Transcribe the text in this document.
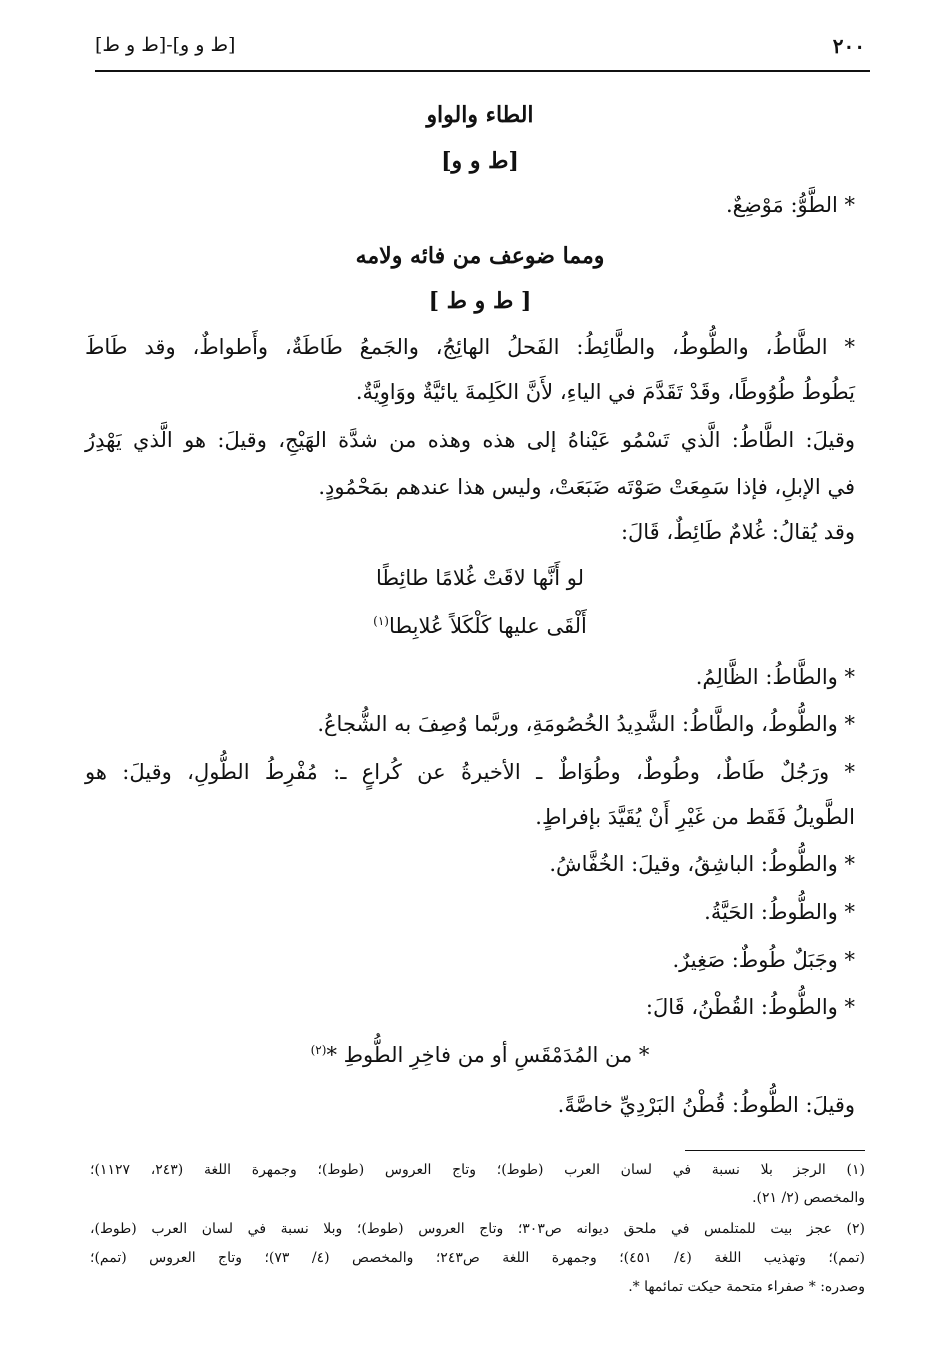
٢٠٠
[ط و و]-[ط و ط]
الطاء والواو
[ط و و]
* الطَّوُّ: مَوْضِعٌ.
ومما ضوعف من فائه ولامه
[ ط و ط ]
* الطَّاطُ، والطُّوطُ، والطَّائِطُ: الفَحلُ الهائِجُ، والجَمعُ طَاطَةٌ، وأَطواطٌ، وقد طَاطَ
يَطُوطُ طُوُوطًا، وقَدْ تَقَدَّمَ في الياءِ، لأَنَّ الكَلِمةَ يائيَّةٌ ووَاوِيَّةٌ.
وقيلَ: الطَّاطُ: الَّذي تَسْمُو عَيْناهُ إلى هذه وهذه من شدَّة الهَيْجِ، وقيلَ: هو الَّذي يَهْدِرُ
في الإبلِ، فإذا سَمِعَتْ صَوْتَه ضَبَعَتْ، وليس هذا عندهم بمَحْمُودٍ.
وقد يُقالُ: غُلامٌ طَائِطٌ، قَالَ:
لو أَنَّها لاقَتْ غُلامًا طائِطًا
أَلْقَى عليها كَلْكَلاً عُلابِطا$^{(١)}$
* والطَّاطُ: الظَّالِمُ.
* والطُّوطُ، والطَّاطُ: الشَّدِيدُ الخُصُومَةِ، وربَّما وُصِفَ به الشُّجاعُ.
* ورَجُلٌ طَاطٌ، وطُوطٌ، وطُوَاطٌ ـ الأخيرةُ عن كُراعٍ ـ: مُفْرِطُ الطُّولِ، وقيلَ: هو
الطَّويلُ فَقَط من غَيْرِ أَنْ يُقَيَّدَ بإفراطٍ.
* والطُّوطُ: الباشِقُ، وقيلَ: الخُفَّاشُ.
* والطُّوطُ: الحَيَّةُ.
* وجَبَلٌ طُوطٌ: صَغِيرٌ.
* والطُّوطُ: القُطْنُ، قَالَ:
* من المُدَمْقَسِ أو من فاخِرِ الطُّوطِ *$^{(٢)}$
وقيلَ: الطُّوطُ: قُطْنُ البَرْدِيِّ خاصَّةً.
(١) الرجز بلا نسبة في لسان العرب (طوط)؛ وتاج العروس (طوط)؛ وجمهرة اللغة (٢٤٣، ١١٢٧)؛
والمخصص (٢/ ٢١).
(٢) عجز بيت للمتلمس في ملحق ديوانه ص٣٠٣؛ وتاج العروس (طوط)؛ وبلا نسبة في لسان العرب (طوط)،
(تمم)؛ وتهذيب اللغة (٤/ ٤٥١)؛ وجمهرة اللغة ص٢٤٣؛ والمخصص (٤/ ٧٣)؛ وتاج العروس (تمم)؛
وصدره: * صفراء متحمة حيكت تمائمها *.
